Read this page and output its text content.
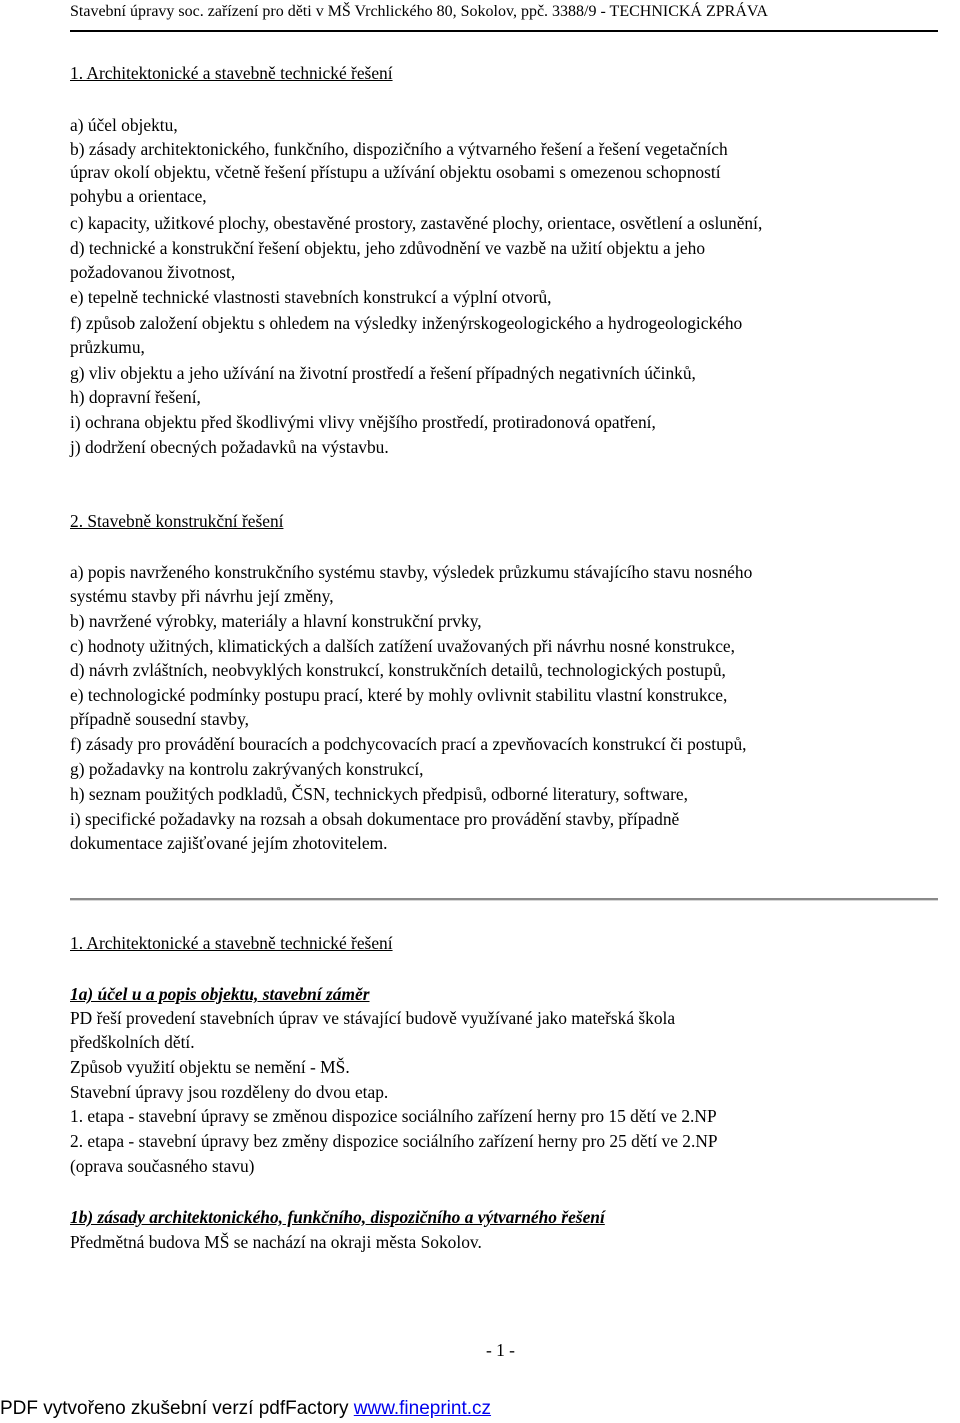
Stavební úpravy soc. zařízení pro děti v MŠ Vrchlického 80, Sokolov, ppč. 3388/9 - TECHNICKÁ ZPRÁVA
1. Architektonické a stavebně technické řešení
a) účel objektu,
b) zásady architektonického, funkčního, dispozičního a výtvarného řešení a řešení vegetačních
úprav okolí objektu, včetně řešení přístupu a užívání objektu osobami s omezenou schopností
pohybu a orientace,
c) kapacity, užitkové plochy, obestavěné prostory, zastavěné plochy, orientace, osvětlení a oslunění,
d) technické a konstrukční řešení objektu, jeho zdůvodnění ve vazbě na užití objektu a jeho
požadovanou životnost,
e) tepelně technické vlastnosti stavebních konstrukcí a výplní otvorů,
f) způsob založení objektu s ohledem na výsledky inženýrskogeologického a hydrogeologického
průzkumu,
g) vliv objektu a jeho užívání na životní prostředí a řešení případných negativních účinků,
h) dopravní řešení,
i) ochrana objektu před škodlivými vlivy vnějšího prostředí, protiradonová opatření,
j) dodržení obecných požadavků na výstavbu.
2. Stavebně konstrukční řešení
a) popis navrženého konstrukčního systému stavby, výsledek průzkumu stávajícího stavu nosného
systému stavby při návrhu její změny,
b) navržené výrobky, materiály a hlavní konstrukční prvky,
c) hodnoty užitných, klimatických a dalších zatížení uvažovaných při návrhu nosné konstrukce,
d) návrh zvláštních, neobvyklých konstrukcí, konstrukčních detailů, technologických postupů,
e) technologické podmínky postupu prací, které by mohly ovlivnit stabilitu vlastní konstrukce,
případně sousední stavby,
f) zásady pro provádění bouracích a podchycovacích prací a zpevňovacích konstrukcí či postupů,
g) požadavky na kontrolu zakrývaných konstrukcí,
h) seznam použitých podkladů, ČSN, technickych předpisů, odborné literatury, software,
i) specifické požadavky na rozsah a obsah dokumentace pro provádění stavby, případně
dokumentace zajišťované jejím zhotovitelem.
1. Architektonické a stavebně technické řešení
1a) účel u a popis objektu, stavební záměr
PD řeší provedení stavebních úprav ve stávající budově využívané jako mateřská škola
předškolních dětí.
Způsob využití objektu se nemění - MŠ.
Stavební úpravy jsou rozděleny do dvou etap.
1. etapa - stavební úpravy se změnou dispozice sociálního zařízení herny pro 15 dětí ve 2.NP
2. etapa - stavební úpravy bez změny dispozice sociálního zařízení herny pro 25 dětí ve 2.NP
(oprava současného stavu)
1b) zásady architektonického, funkčního, dispozičního a výtvarného řešení
Předmětná budova MŠ se nachází na okraji města Sokolov.
- 1 -
PDF vytvořeno zkušební verzí pdfFactory www.fineprint.cz
